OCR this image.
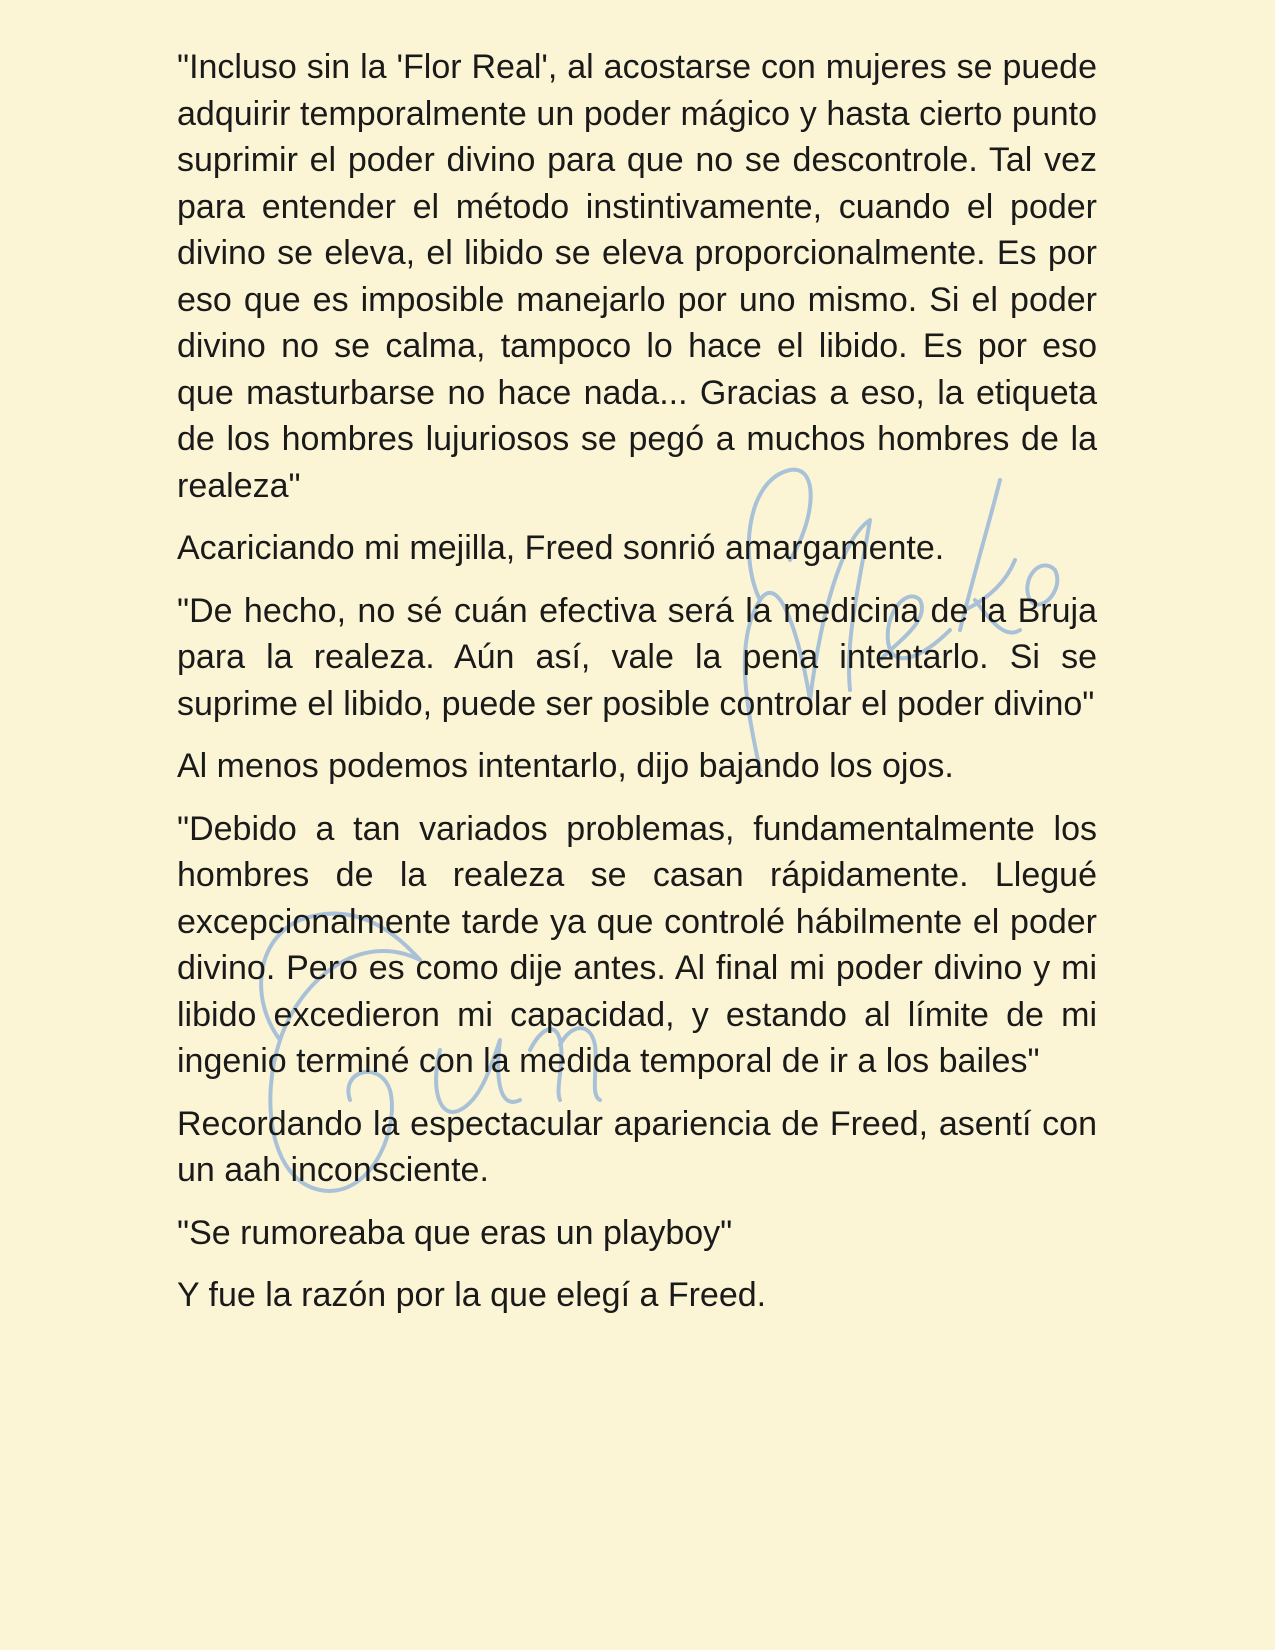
"Incluso sin la 'Flor Real', al acostarse con mujeres se puede adquirir temporalmente un poder mágico y hasta cierto punto suprimir el poder divino para que no se descontrole. Tal vez para entender el método instintivamente, cuando el poder divino se eleva, el libido se eleva proporcionalmente. Es por eso que es imposible manejarlo por uno mismo. Si el poder divino no se calma, tampoco lo hace el libido. Es por eso que masturbarse no hace nada... Gracias a eso, la etiqueta de los hombres lujuriosos se pegó a muchos hombres de la realeza"

Acariciando mi mejilla, Freed sonrió amargamente.

"De hecho, no sé cuán efectiva será la medicina de la Bruja para la realeza. Aún así, vale la pena intentarlo. Si se suprime el libido, puede ser posible controlar el poder divino"

Al menos podemos intentarlo, dijo bajando los ojos.

"Debido a tan variados problemas, fundamentalmente los hombres de la realeza se casan rápidamente. Llegué excepcionalmente tarde ya que controlé hábilmente el poder divino. Pero es como dije antes. Al final mi poder divino y mi libido excedieron mi capacidad, y estando al límite de mi ingenio terminé con la medida temporal de ir a los bailes"

Recordando la espectacular apariencia de Freed, asentí con un aah inconsciente.

"Se rumoreaba que eras un playboy"

Y fue la razón por la que elegí a Freed.
